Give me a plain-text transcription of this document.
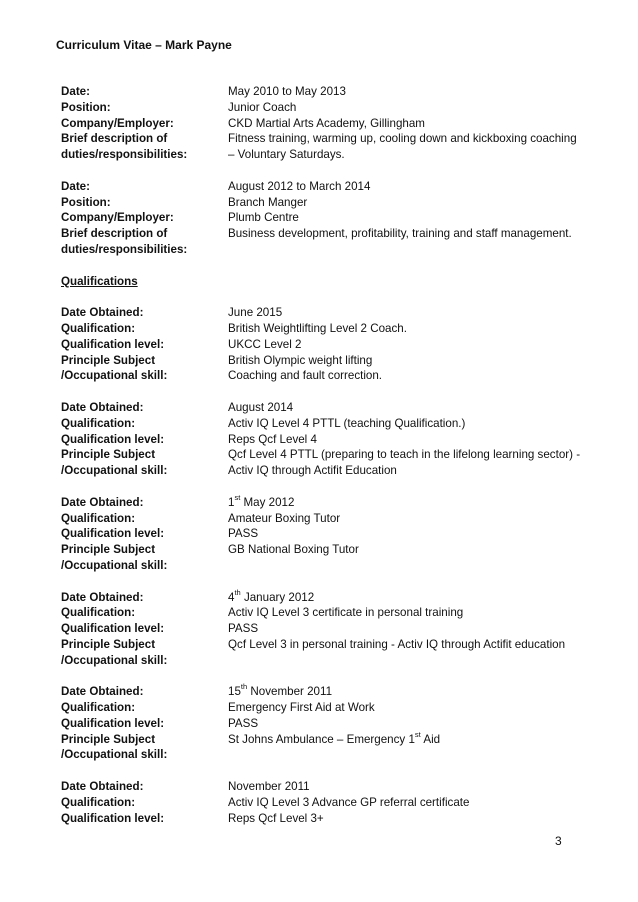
Curriculum Vitae – Mark Payne
Date:	May 2010 to May 2013
Position:	Junior Coach
Company/Employer:	CKD Martial Arts Academy, Gillingham
Brief description of	Fitness training, warming up, cooling down and kickboxing coaching
duties/responsibilities:	– Voluntary Saturdays.
Date:	August 2012 to March 2014
Position:	Branch Manger
Company/Employer:	Plumb Centre
Brief description of	Business development, profitability, training and staff management.
duties/responsibilities:
Qualifications
Date Obtained:	June 2015
Qualification:	British Weightlifting Level 2 Coach.
Qualification level:	UKCC Level 2
Principle Subject	British Olympic weight lifting
/Occupational skill:	Coaching and fault correction.
Date Obtained:	August 2014
Qualification:	Activ IQ Level 4 PTTL (teaching Qualification.)
Qualification level:	Reps Qcf Level 4
Principle Subject	Qcf Level 4 PTTL (preparing to teach in the lifelong learning sector) -
/Occupational skill:	Activ IQ through Actifit Education
Date Obtained:	1st May 2012
Qualification:	Amateur Boxing Tutor
Qualification level:	PASS
Principle Subject	GB National Boxing Tutor
/Occupational skill:
Date Obtained:	4th January 2012
Qualification:	Activ IQ Level 3 certificate in personal training
Qualification level:	PASS
Principle Subject	Qcf Level 3 in personal training - Activ IQ through Actifit education
/Occupational skill:
Date Obtained:	15th November 2011
Qualification:	Emergency First Aid at Work
Qualification level:	PASS
Principle Subject	St Johns Ambulance – Emergency 1st Aid
/Occupational skill:
Date Obtained:	November 2011
Qualification:	Activ IQ Level 3 Advance GP referral certificate
Qualification level:	Reps Qcf Level 3+
3
